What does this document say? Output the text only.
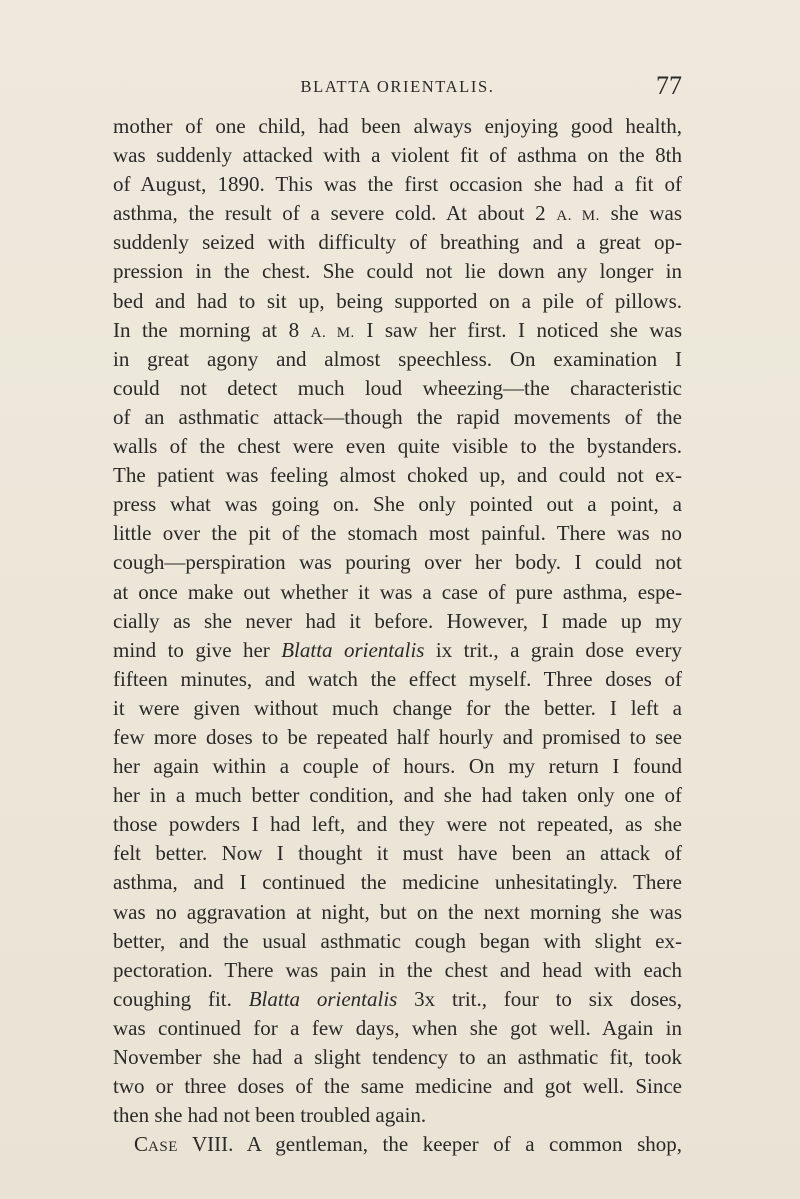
BLATTA ORIENTALIS.	77
mother of one child, had been always enjoying good health,
was suddenly attacked with a violent fit of asthma on the 8th
of August, 1890. This was the first occasion she had a fit of
asthma, the result of a severe cold. At about 2 A. M. she was
suddenly seized with difficulty of breathing and a great op-
pression in the chest. She could not lie down any longer in
bed and had to sit up, being supported on a pile of pillows.
In the morning at 8 A. M. I saw her first. I noticed she was
in great agony and almost speechless. On examination I
could not detect much loud wheezing—the characteristic
of an asthmatic attack—though the rapid movements of the
walls of the chest were even quite visible to the bystanders.
The patient was feeling almost choked up, and could not ex-
press what was going on. She only pointed out a point, a
little over the pit of the stomach most painful. There was no
cough—perspiration was pouring over her body. I could not
at once make out whether it was a case of pure asthma, espe-
cially as she never had it before. However, I made up my
mind to give her Blatta orientalis ix trit., a grain dose every
fifteen minutes, and watch the effect myself. Three doses of
it were given without much change for the better. I left a
few more doses to be repeated half hourly and promised to see
her again within a couple of hours. On my return I found
her in a much better condition, and she had taken only one of
those powders I had left, and they were not repeated, as she
felt better. Now I thought it must have been an attack of
asthma, and I continued the medicine unhesitatingly. There
was no aggravation at night, but on the next morning she was
better, and the usual asthmatic cough began with slight ex-
pectoration. There was pain in the chest and head with each
coughing fit. Blatta orientalis 3x trit., four to six doses,
was continued for a few days, when she got well. Again in
November she had a slight tendency to an asthmatic fit, took
two or three doses of the same medicine and got well. Since
then she had not been troubled again.
CASE VIII. A gentleman, the keeper of a common shop,
